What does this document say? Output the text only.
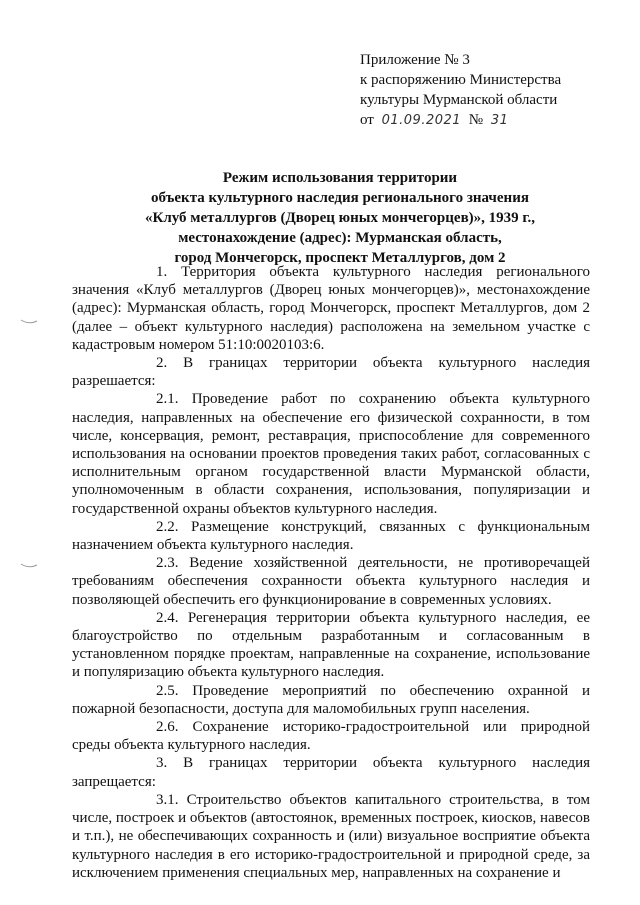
Приложение № 3
к распоряжению Министерства
культуры Мурманской области
от 01.09.2021 № 31
Режим использования территории
объекта культурного наследия регионального значения
«Клуб металлургов (Дворец юных мончегорцев)», 1939 г.,
местонахождение (адрес): Мурманская область,
город Мончегорск, проспект Металлургов, дом 2

1. Территория объекта культурного наследия регионального значения «Клуб металлургов (Дворец юных мончегорцев)», местонахождение (адрес): Мурманская область, город Мончегорск, проспект Металлургов, дом 2 (далее – объект культурного наследия) расположена на земельном участке с кадастровым номером 51:10:0020103:6.

2. В границах территории объекта культурного наследия разрешается:

2.1. Проведение работ по сохранению объекта культурного наследия, направленных на обеспечение его физической сохранности, в том числе, консервация, ремонт, реставрация, приспособление для современного использования на основании проектов проведения таких работ, согласованных с исполнительным органом государственной власти Мурманской области, уполномоченным в области сохранения, использования, популяризации и государственной охраны объектов культурного наследия.

2.2. Размещение конструкций, связанных с функциональным назначением объекта культурного наследия.

2.3. Ведение хозяйственной деятельности, не противоречащей требованиям обеспечения сохранности объекта культурного наследия и позволяющей обеспечить его функционирование в современных условиях.

2.4. Регенерация территории объекта культурного наследия, ее благоустройство по отдельным разработанным и согласованным в установленном порядке проектам, направленные на сохранение, использование и популяризацию объекта культурного наследия.

2.5. Проведение мероприятий по обеспечению охранной и пожарной безопасности, доступа для маломобильных групп населения.

2.6. Сохранение историко-градостроительной или природной среды объекта культурного наследия.

3. В границах территории объекта культурного наследия запрещается:

3.1. Строительство объектов капитального строительства, в том числе, построек и объектов (автостоянок, временных построек, киосков, навесов и т.п.), не обеспечивающих сохранность и (или) визуальное восприятие объекта культурного наследия в его историко-градостроительной и природной среде, за исключением применения специальных мер, направленных на сохранение и
